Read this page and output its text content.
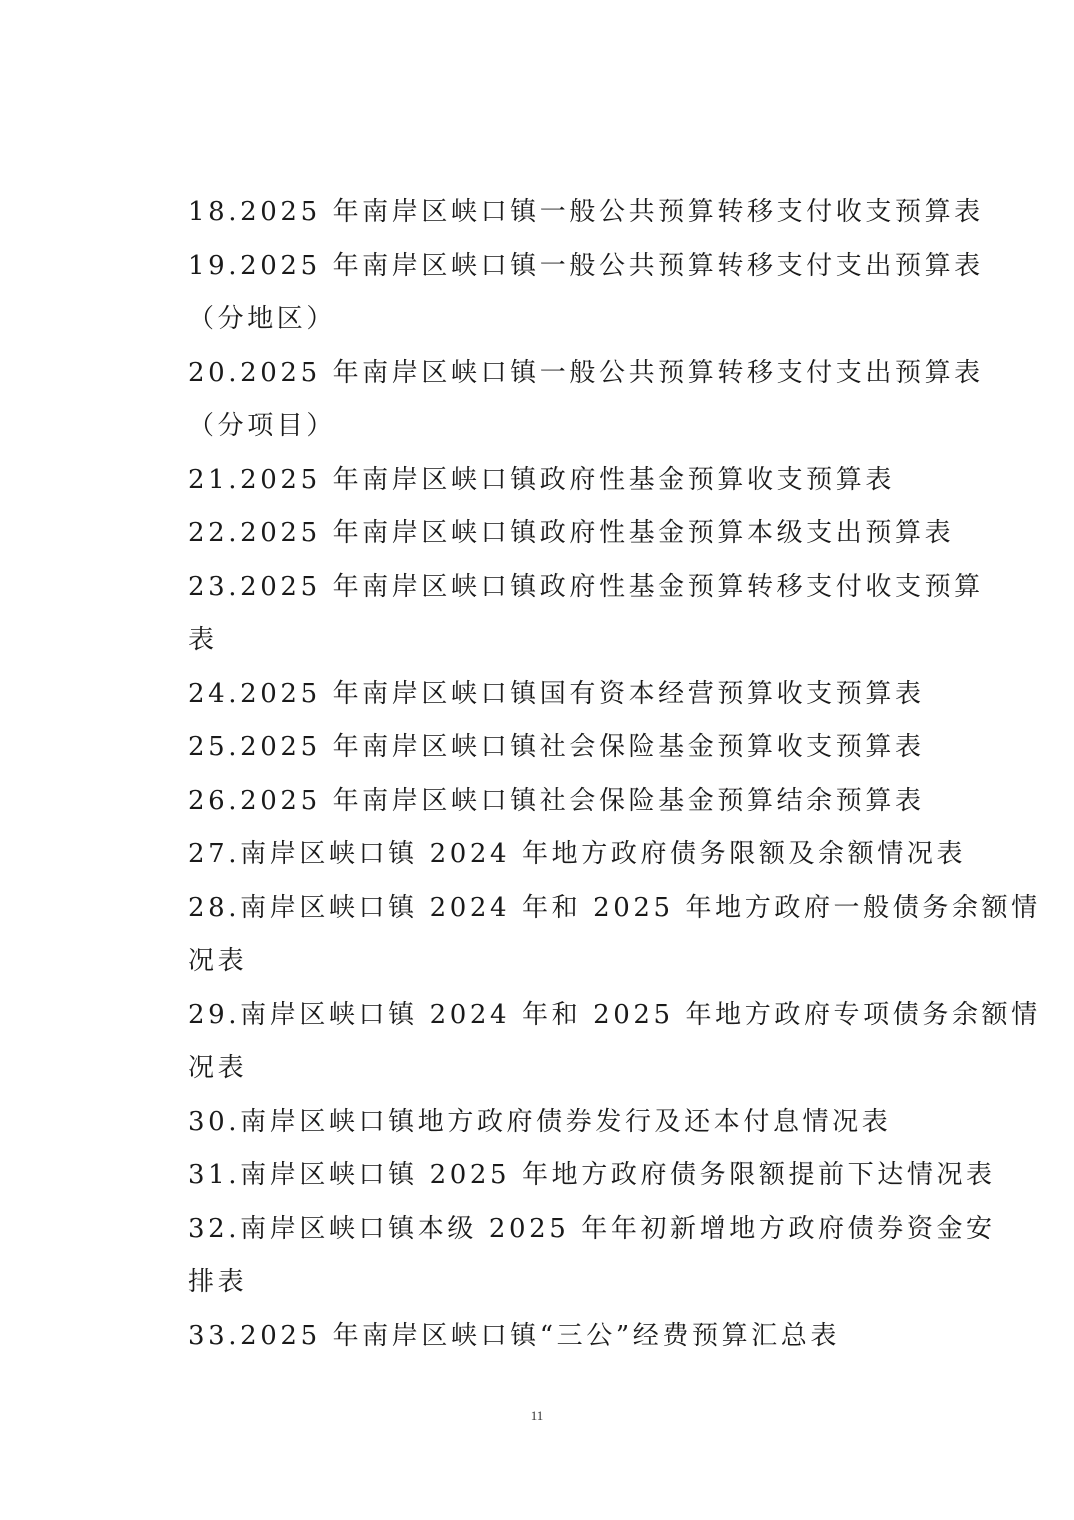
18.2025 年南岸区峡口镇一般公共预算转移支付收支预算表
19.2025 年南岸区峡口镇一般公共预算转移支付支出预算表
（分地区）
20.2025 年南岸区峡口镇一般公共预算转移支付支出预算表
（分项目）
21.2025 年南岸区峡口镇政府性基金预算收支预算表
22.2025 年南岸区峡口镇政府性基金预算本级支出预算表
23.2025 年南岸区峡口镇政府性基金预算转移支付收支预算
表
24.2025 年南岸区峡口镇国有资本经营预算收支预算表
25.2025 年南岸区峡口镇社会保险基金预算收支预算表
26.2025 年南岸区峡口镇社会保险基金预算结余预算表
27.南岸区峡口镇 2024 年地方政府债务限额及余额情况表
28.南岸区峡口镇 2024 年和 2025 年地方政府一般债务余额情
况表
29.南岸区峡口镇 2024 年和 2025 年地方政府专项债务余额情
况表
30.南岸区峡口镇地方政府债券发行及还本付息情况表
31.南岸区峡口镇 2025 年地方政府债务限额提前下达情况表
32.南岸区峡口镇本级 2025 年年初新增地方政府债券资金安
排表
33.2025 年南岸区峡口镇“三公”经费预算汇总表
11
